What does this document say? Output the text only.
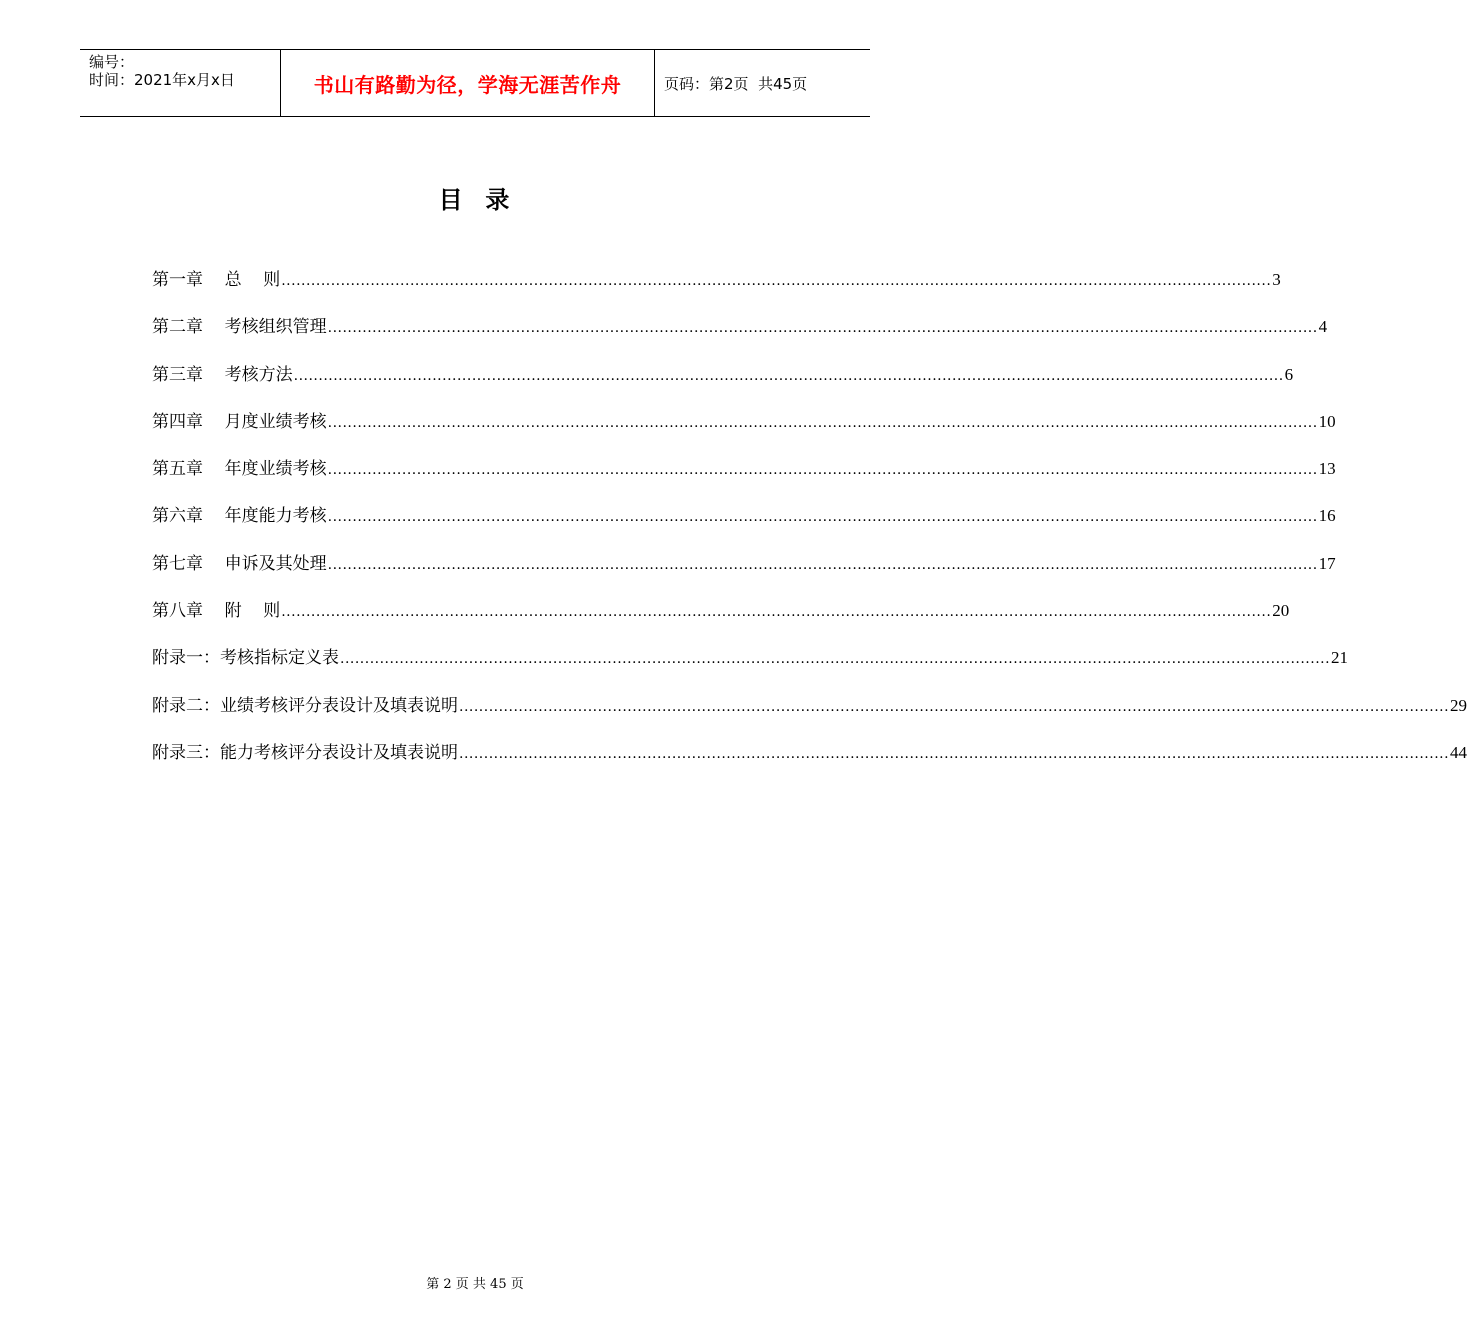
编号：
时间：2021年x月x日	书山有路勤为径，学海无涯苦作舟	页码：第2页  共45页
目  录
第一章    总    则 ........................................................................................................................................................................................................ 3
第二章    考核组织管理 ........................................................................................................................................................................................................ 4
第三章    考核方法 ........................................................................................................................................................................................................ 6
第四章    月度业绩考核 ........................................................................................................................................................................................................ 10
第五章    年度业绩考核 ........................................................................................................................................................................................................ 13
第六章    年度能力考核 ........................................................................................................................................................................................................ 16
第七章    申诉及其处理 ........................................................................................................................................................................................................ 17
第八章    附    则 ........................................................................................................................................................................................................ 20
附录一：考核指标定义表 ........................................................................................................................................................................................................ 21
附录二：业绩考核评分表设计及填表说明 ........................................................................................................................................................................................................ 29
附录三：能力考核评分表设计及填表说明 ........................................................................................................................................................................................................ 44
第 2 页 共 45 页
